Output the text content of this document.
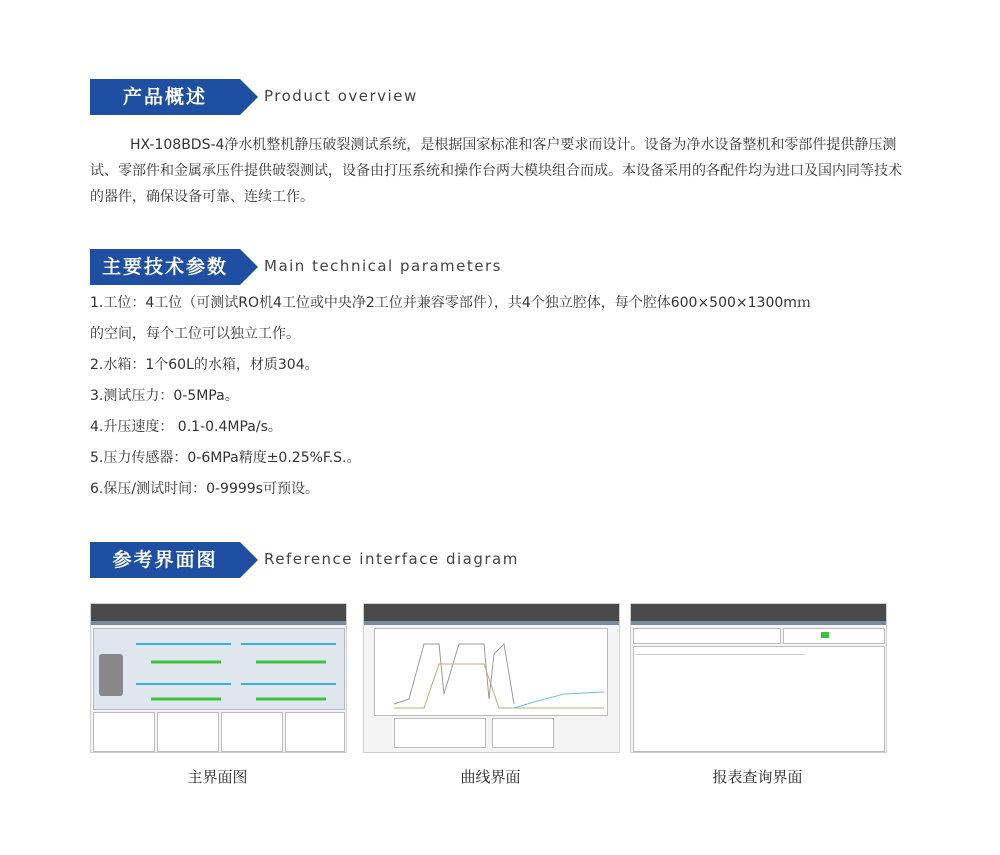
产品概述	Product overview
HX-108BDS-4净水机整机静压破裂测试系统，是根据国家标准和客户要求而设计。设备为净水设备整机和零部件提供静压测试、零部件和金属承压件提供破裂测试，设备由打压系统和操作台两大模块组合而成。本设备采用的各配件均为进口及国内同等技术的器件，确保设备可靠、连续工作。
主要技术参数	Main technical parameters
1.工位：4工位（可测试RO机4工位或中央净2工位并兼容零部件），共4个独立腔体，每个腔体600×500×1300mｍ
的空间，每个工位可以独立工作。
2.水箱：1个60L的水箱，材质304。
3.测试压力：0-5MPa。
4.升压速度： 0.1-0.4MPa/s。
5.压力传感器：0-6MPa精度±0.25%F.S.。
6.保压/测试时间：0-9999s可预设。
参考界面图	Reference interface diagram
主界面图	曲线界面	报表查询界面
